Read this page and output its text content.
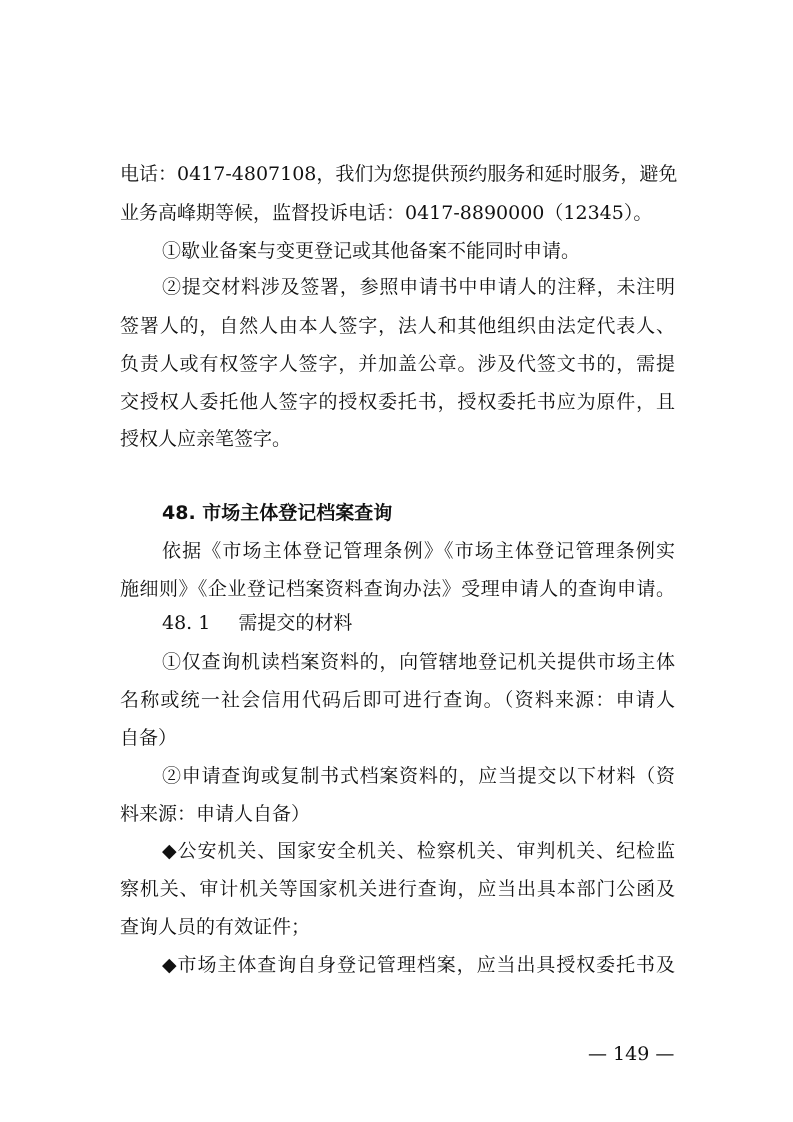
电话：0417-4807108，我们为您提供预约服务和延时服务，避免
业务高峰期等候，监督投诉电话：0417-8890000（12345）。
①歇业备案与变更登记或其他备案不能同时申请。
②提交材料涉及签署，参照申请书中申请人的注释，未注明
签署人的，自然人由本人签字，法人和其他组织由法定代表人、
负责人或有权签字人签字，并加盖公章。涉及代签文书的，需提
交授权人委托他人签字的授权委托书，授权委托书应为原件，且
授权人应亲笔签字。
48. 市场主体登记档案查询
依据《市场主体登记管理条例》《市场主体登记管理条例实
施细则》《企业登记档案资料查询办法》受理申请人的查询申请。
48. 1 需提交的材料
①仅查询机读档案资料的，向管辖地登记机关提供市场主体
名称或统一社会信用代码后即可进行查询。（资料来源：申请人
自备）
②申请查询或复制书式档案资料的，应当提交以下材料（资
料来源：申请人自备）
◆公安机关、国家安全机关、检察机关、审判机关、纪检监
察机关、审计机关等国家机关进行查询，应当出具本部门公函及
查询人员的有效证件；
◆市场主体查询自身登记管理档案，应当出具授权委托书及
— 149 —
